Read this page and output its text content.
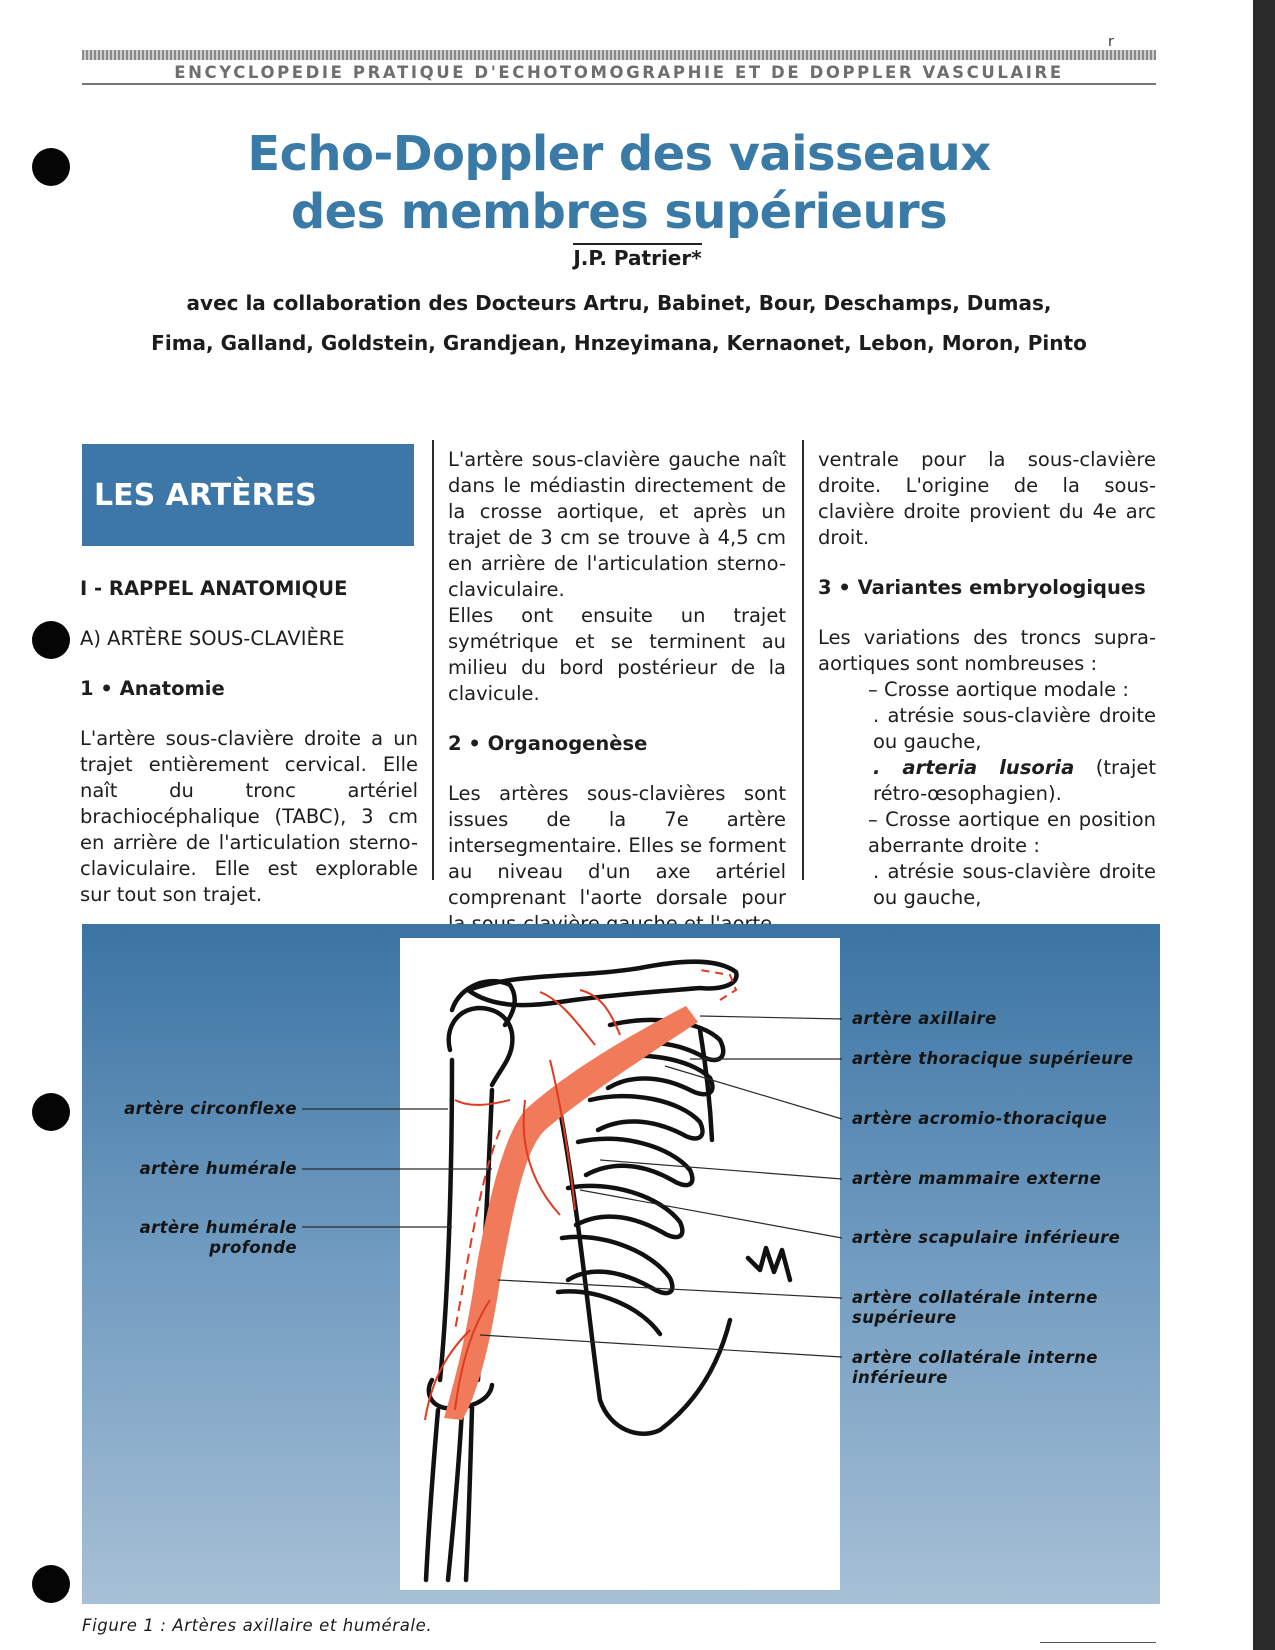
r
ENCYCLOPEDIE PRATIQUE D'ECHOTOMOGRAPHIE ET DE DOPPLER VASCULAIRE
Echo-Doppler des vaisseaux
des membres supérieurs
J.P. Patrier*
avec la collaboration des Docteurs Artru, Babinet, Bour, Deschamps, Dumas,
Fima, Galland, Goldstein, Grandjean, Hnzeyimana, Kernaonet, Lebon, Moron, Pinto
LES ARTÈRES

I - RAPPEL ANATOMIQUE

A) ARTÈRE SOUS-CLAVIÈRE

1 • Anatomie

L'artère sous-clavière droite a un trajet entièrement cervical. Elle naît du tronc artériel brachiocéphalique (TABC), 3 cm en arrière de l'articulation sterno-claviculaire. Elle est explorable sur tout son trajet.

L'artère sous-clavière gauche naît dans le médiastin directement de la crosse aortique, et après un trajet de 3 cm se trouve à 4,5 cm en arrière de l'articulation sterno-claviculaire.

Elles ont ensuite un trajet symétrique et se terminent au milieu du bord postérieur de la clavicule.

2 • Organogenèse

Les artères sous-clavières sont issues de la 7e artère intersegmentaire. Elles se forment au niveau d'un axe artériel comprenant l'aorte dorsale pour

ventrale pour la sous-clavière droite. L'origine de la sous-clavière droite provient du 4e arc droit.

3 • Variantes embryologiques

Les variations des troncs supra-aortiques sont nombreuses :

– Crosse aortique modale :

. atrésie sous-clavière droite ou gauche,

. arteria lusoria (trajet rétro-œsophagien).

– Crosse aortique en position aberrante droite :

. atrésie sous-clavière droite ou gauche,

artère circonflexe
artère humérale
artère humérale
profonde
artère axillaire
artère thoracique supérieure
artère acromio-thoracique
artère mammaire externe
artère scapulaire inférieure
artère collatérale interne
supérieure
artère collatérale interne
inférieure
Figure 1 : Artères axillaire et humérale.
